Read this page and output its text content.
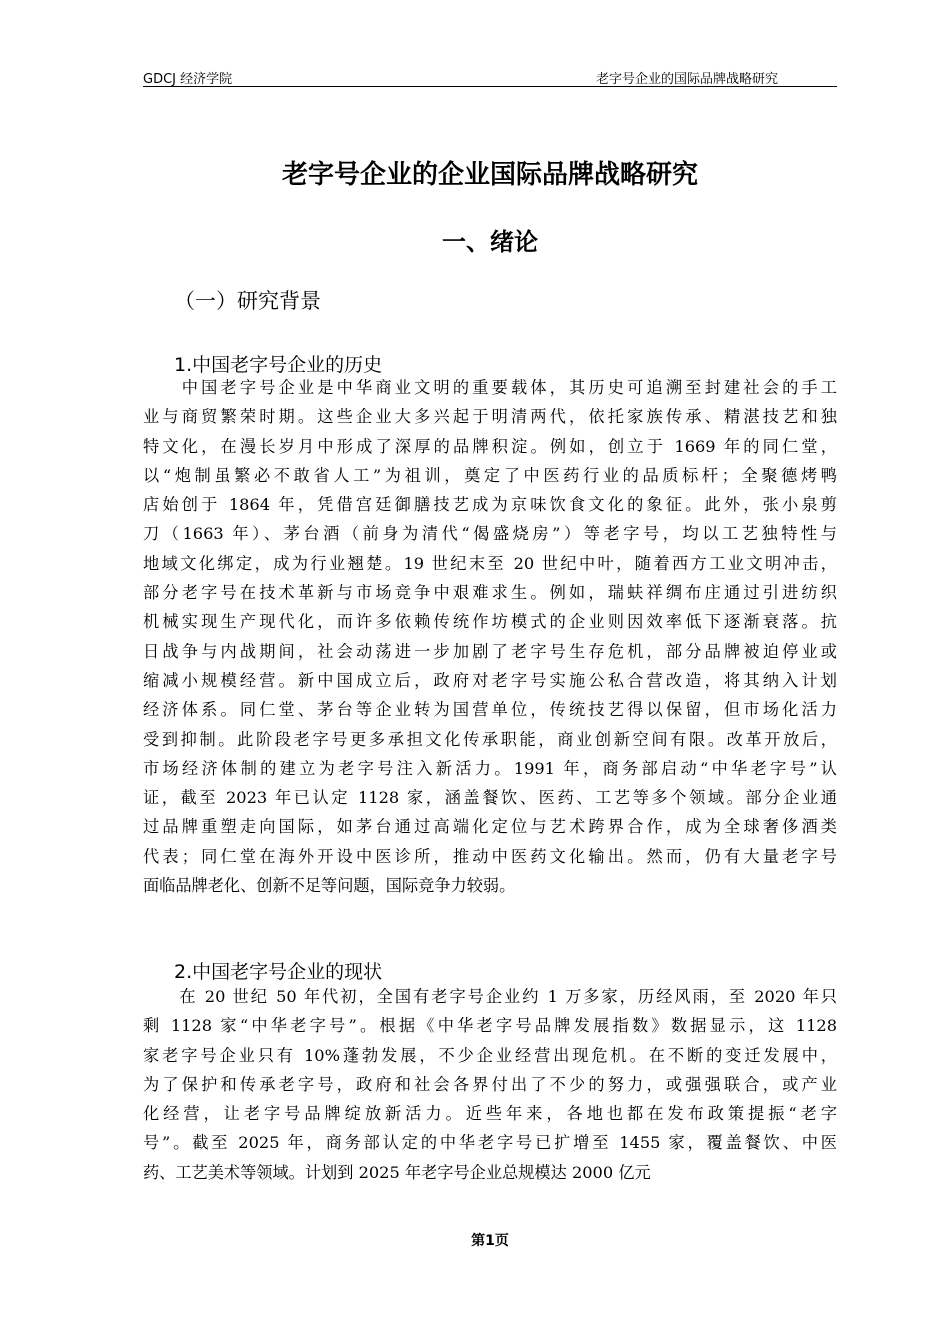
GDCJ 经济学院	老字号企业的国际品牌战略研究
老字号企业的企业国际品牌战略研究
一、绪论
（一）研究背景
1.中国老字号企业的历史
　　中国老字号企业是中华商业文明的重要载体，其历史可追溯至封建社会的手工
业与商贸繁荣时期。这些企业大多兴起于明清两代，依托家族传承、精湛技艺和独
特文化，在漫长岁月中形成了深厚的品牌积淀。例如，创立于 1669 年的同仁堂，
以“炮制虽繁必不敢省人工”为祖训，奠定了中医药行业的品质标杆；全聚德烤鸭
店始创于 1864 年，凭借宫廷御膳技艺成为京味饮食文化的象征。此外，张小泉剪
刀（1663 年）、茅台酒（前身为清代“偈盛烧房”）等老字号，均以工艺独特性与
地域文化绑定，成为行业翘楚。19 世纪末至 20 世纪中叶，随着西方工业文明冲击，
部分老字号在技术革新与市场竞争中艰难求生。例如，瑞蚨祥绸布庄通过引进纺织
机械实现生产现代化，而许多依赖传统作坊模式的企业则因效率低下逐渐衰落。抗
日战争与内战期间，社会动荡进一步加剧了老字号生存危机，部分品牌被迫停业或
缩减小规模经营。新中国成立后，政府对老字号实施公私合营改造，将其纳入计划
经济体系。同仁堂、茅台等企业转为国营单位，传统技艺得以保留，但市场化活力
受到抑制。此阶段老字号更多承担文化传承职能，商业创新空间有限。改革开放后，
市场经济体制的建立为老字号注入新活力。1991 年，商务部启动“中华老字号”认
证，截至 2023 年已认定 1128 家，涵盖餐饮、医药、工艺等多个领域。部分企业通
过品牌重塑走向国际，如茅台通过高端化定位与艺术跨界合作，成为全球奢侈酒类
代表；同仁堂在海外开设中医诊所，推动中医药文化输出。然而，仍有大量老字号
面临品牌老化、创新不足等问题，国际竞争力较弱。
2.中国老字号企业的现状
　　在 20 世纪 50 年代初，全国有老字号企业约 1 万多家，历经风雨，至 2020 年只
剩 1128 家“中华老字号”。根据《中华老字号品牌发展指数》数据显示，这 1128
家老字号企业只有 10%蓬勃发展，不少企业经营出现危机。在不断的变迁发展中，
为了保护和传承老字号，政府和社会各界付出了不少的努力，或强强联合，或产业
化经营，让老字号品牌绽放新活力。近些年来，各地也都在发布政策提振“老字
号”。截至 2025 年，商务部认定的中华老字号已扩增至 1455 家，覆盖餐饮、中医
药、工艺美术等领域。计划到 2025 年老字号企业总规模达 2000 亿元
第1页
